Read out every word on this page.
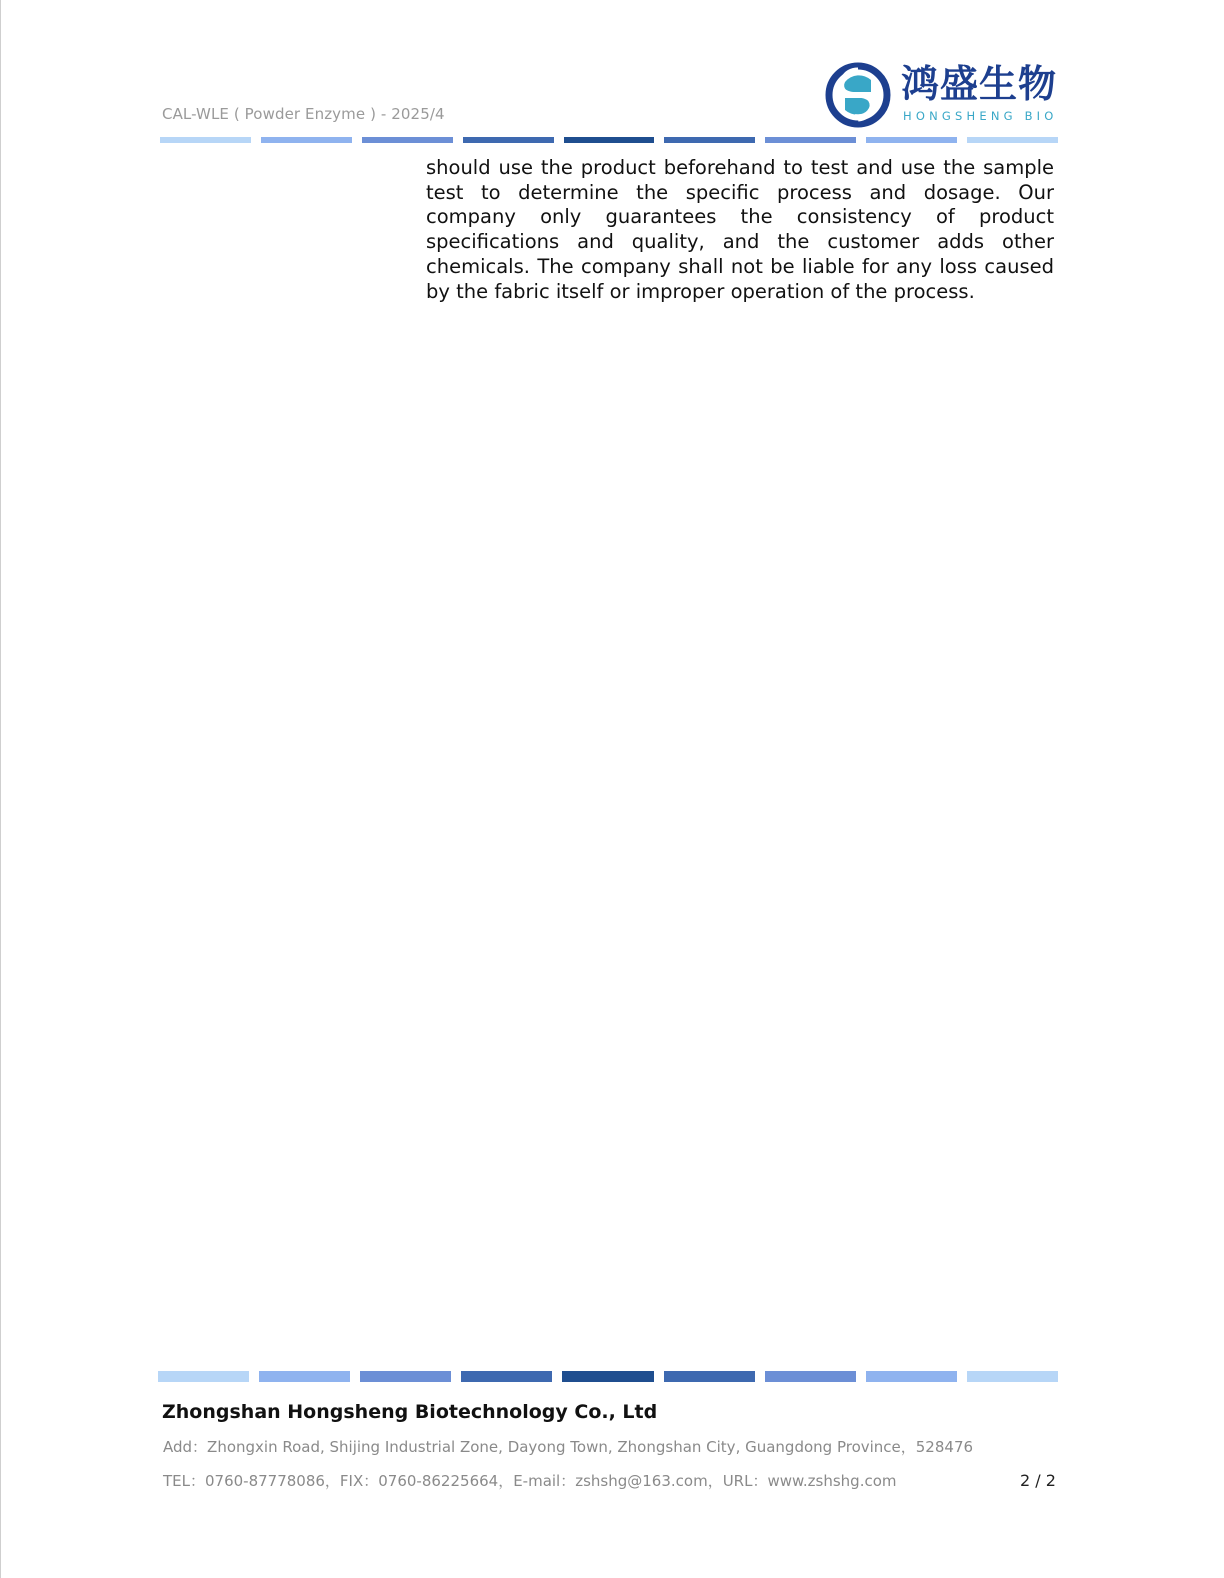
CAL-WLE ( Powder Enzyme ) - 2025/4
鸿盛生物
HONGSHENG BIO
should use the product beforehand to test and use the sample test to determine the specific process and dosage. Our company only guarantees the consistency of product specifications and quality, and the customer adds other chemicals. The company shall not be liable for any loss caused by the fabric itself or improper operation of the process.
Zhongshan Hongsheng Biotechnology Co., Ltd
Add：Zhongxin Road, Shijing Industrial Zone, Dayong Town, Zhongshan City, Guangdong Province，528476
TEL：0760-87778086，FIX：0760-86225664，E-mail：zshshg@163.com，URL：www.zshshg.com	2 / 2
